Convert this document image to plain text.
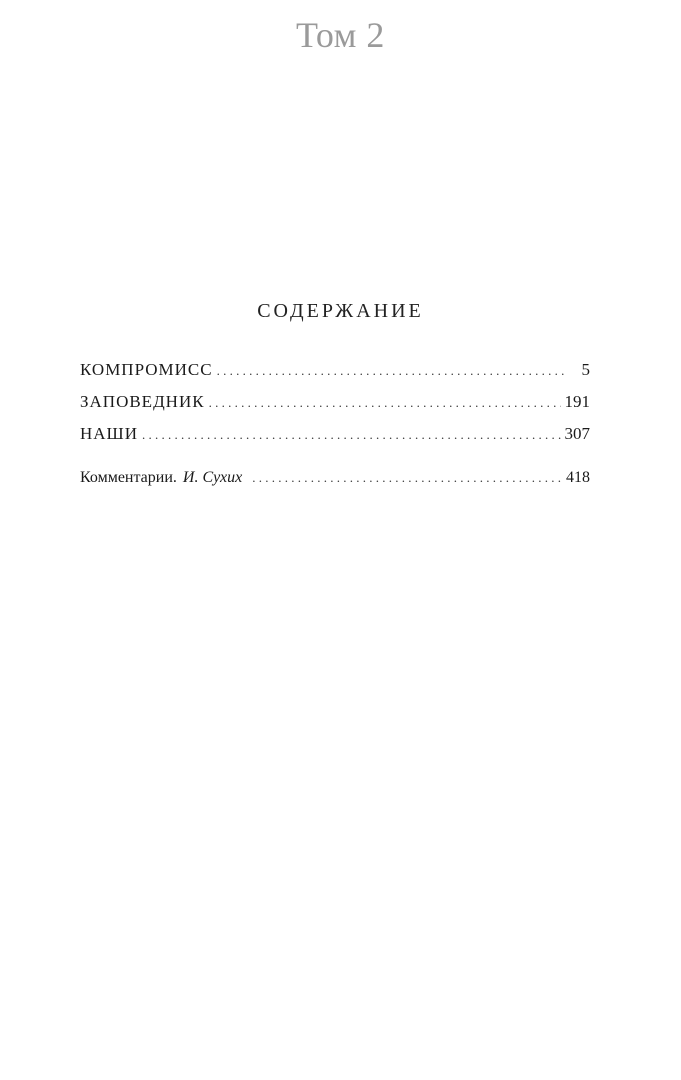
Том 2
СОДЕРЖАНИЕ
КОМПРОМИСС . . .	5
ЗАПОВЕДНИК . . .	191
НАШИ . . .	307
Комментарии. И. Сухих . . .	418
